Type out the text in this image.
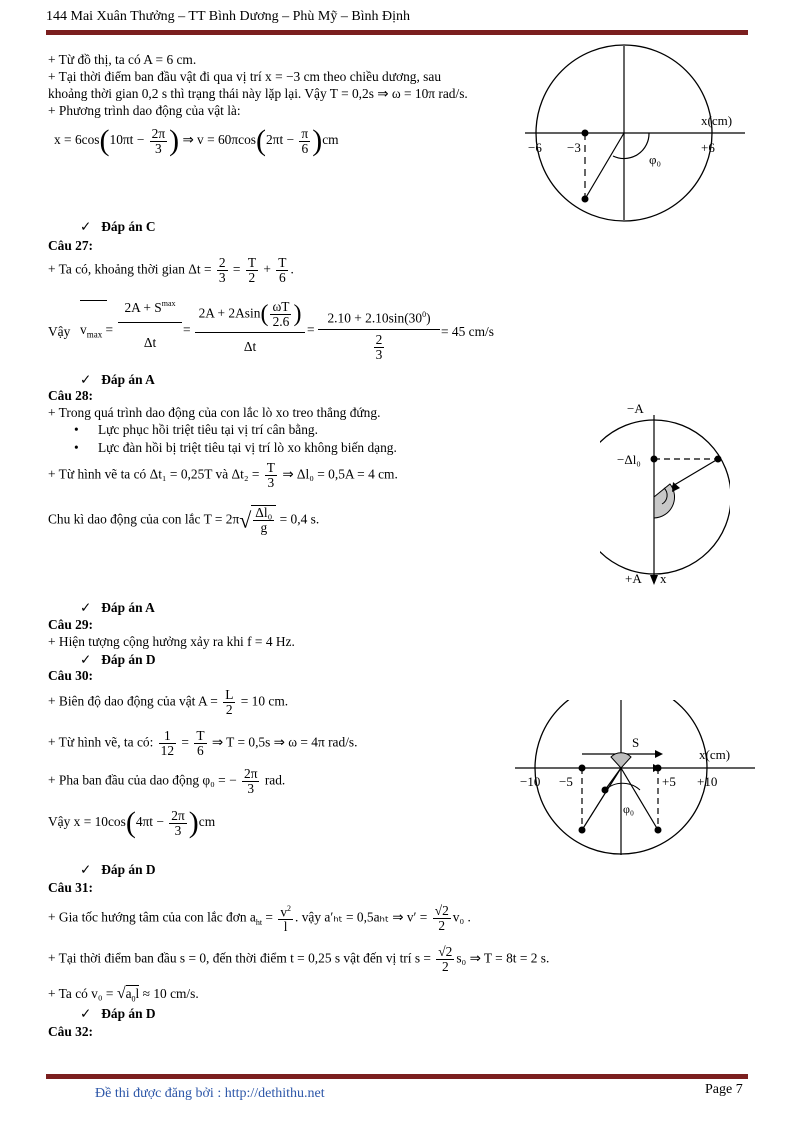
144 Mai Xuân Thưởng – TT Bình Dương – Phù Mỹ – Bình Định
+ Từ đồ thị, ta có A = 6 cm.
+ Tại thời điểm ban đầu vật đi qua vị trí x = −3 cm theo chiều dương, sau
khoảng thời gian 0,2 s thì trạng thái này lặp lại. Vậy T = 0,2s ⇒ ω = 10π rad/s.
+ Phương trình dao động của vật là:
$x = 6\cos(10\pi t - \frac{2\pi}{3}$ ) ⇒ $v = 60\pi\cos(2\pi t - \frac{\pi}{6} )cm$
x(cm)
−6 −3	+6
φ₀
✓ Đáp án C
Câu 27:
+ Ta có, khoảng thời gian $\Delta t = \frac{2}{3} = \frac{T}{2} + \frac{T}{6}$ .
Vậy $v_{max}$ =
$2A + S^{max}$
Δt
=
$2A + 2Asin( \frac{\omega T}{2.6}$ )
Δt
=
$2.10 + 2.10\sin(30^0)$
$\frac{2}{3}$
= 45 cm/s
✓ Đáp án A
Câu 28:
+ Trong quá trình dao động của con lắc lò xo treo thẳng đứng.
• Lực phục hồi triệt tiêu tại vị trí cân bằng.
• Lực đàn hồi bị triệt tiêu tại vị trí lò xo không biến dạng.
+ Từ hình vẽ ta có Δt₁ = 0,25T và $\Delta t_2 = \frac{T}{3}$ ⇒ Δl₀ = 0,5A = 4 cm.
Chu kì dao động của con lắc $T = 2\pi√ \frac{\text{Δl₀}}{g} = 0,4$ s.
−A
−Δl₀
+A x
✓ Đáp án A
Câu 29:
+ Hiện tượng cộng hưởng xảy ra khi f = 4 Hz.
✓ Đáp án D
Câu 30:
+ Biên độ dao động của vật $A = \frac{L}{2} = 10$ cm.
+ Từ hình vẽ, ta có: $\frac{1}{12} = \frac{T}{6}$ ⇒ T = 0,5s ⇒ ω = 4π rad/s.
+ Pha ban đầu của dao động φ₀ = − $\frac{2\pi}{3}$ rad.
Vậy $x = 10\cos(4\pi t - \frac{2\pi}{3} )cm$
S
x(cm)
−10 −5	+5 +10
φ₀
✓ Đáp án D
Câu 31:
+ Gia tốc hướng tâm của con lắc đơn $a_{ht} = \frac{v^2}{l}$ . vậy a′ₕₜ = 0,5aₕₜ ⇒ $v' = \frac{√2}{2} v_0$ .
+ Tại thời điểm ban đầu s = 0, đến thời điểm t = 0,25 s vật đến vị trí $s = \frac{√2}{2} s_0$ ⇒ T = 8t = 2 s.
+ Ta có $v_0 = √a_0l \approx 10$ cm/s.
✓ Đáp án D
Câu 32:
Đề thi được đăng bởi : http://dethithu.net	Page 7
